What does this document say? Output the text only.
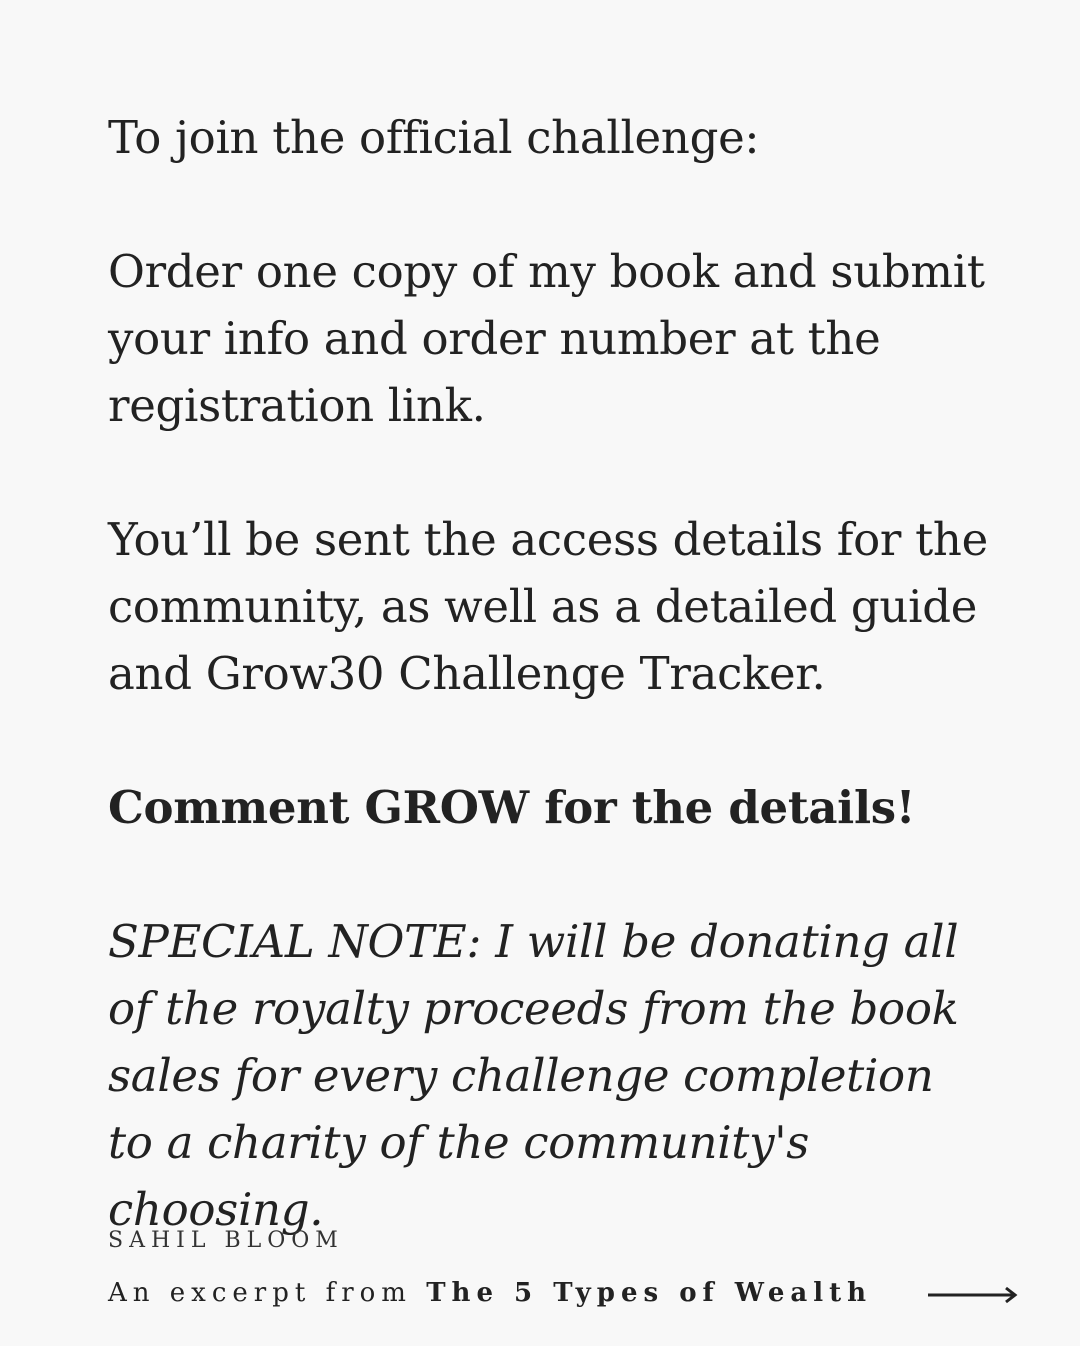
To join the official challenge:

Order one copy of my book and submit your info and order number at the registration link.

You’ll be sent the access details for the community, as well as a detailed guide and Grow30 Challenge Tracker.

Comment GROW for the details!

SPECIAL NOTE: I will be donating all of the royalty proceeds from the book sales for every challenge completion to a charity of the community's choosing.

SAHIL BLOOM
An excerpt from The 5 Types of Wealth
